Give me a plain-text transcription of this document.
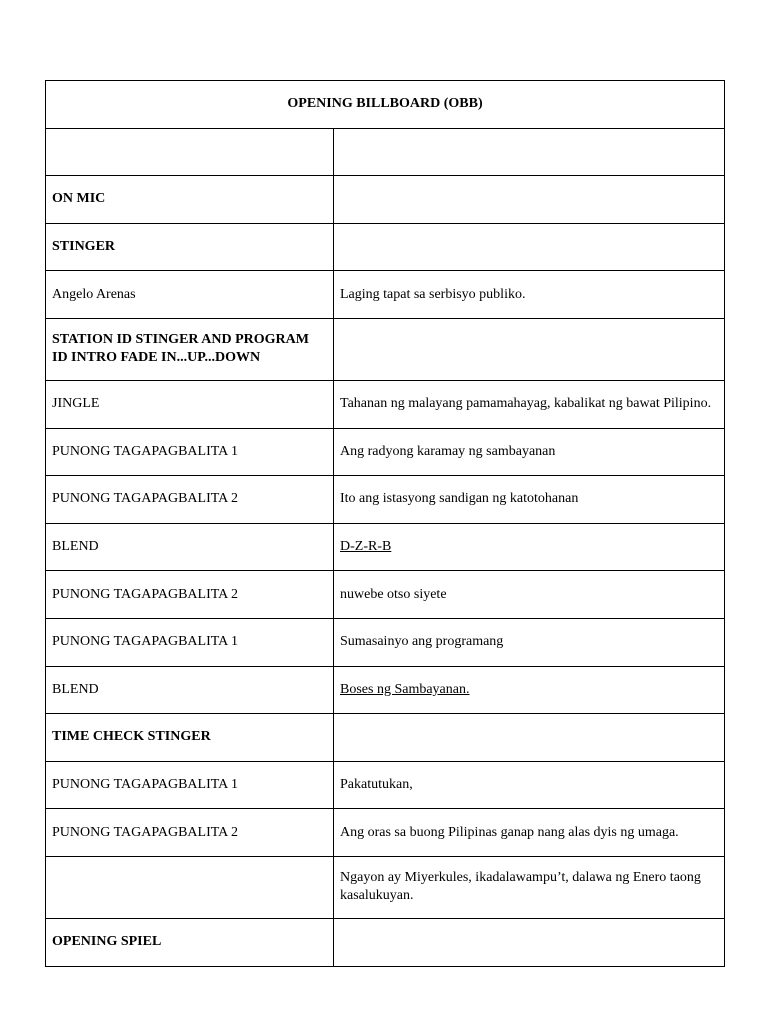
OPENING BILLBOARD (OBB)	

ON MIC	
STINGER	
Angelo Arenas	Laging tapat sa serbisyo publiko.
STATION ID STINGER AND PROGRAM ID INTRO FADE IN...UP...DOWN	
JINGLE	Tahanan ng malayang pamamahayag, kabalikat ng bawat Pilipino.
PUNONG TAGAPAGBALITA 1	Ang radyong karamay ng sambayanan
PUNONG TAGAPAGBALITA 2	Ito ang istasyong sandigan ng katotohanan
BLEND	D-Z-R-B
PUNONG TAGAPAGBALITA 2	nuwebe otso siyete
PUNONG TAGAPAGBALITA 1	Sumasainyo ang programang
BLEND	Boses ng Sambayanan.
TIME CHECK STINGER	
PUNONG TAGAPAGBALITA 1	Pakatutukan,
PUNONG TAGAPAGBALITA 2	Ang oras sa buong Pilipinas ganap nang alas dyis ng umaga.
	Ngayon ay Miyerkules, ikadalawampu’t, dalawa ng Enero taong kasalukuyan.
OPENING SPIEL	
